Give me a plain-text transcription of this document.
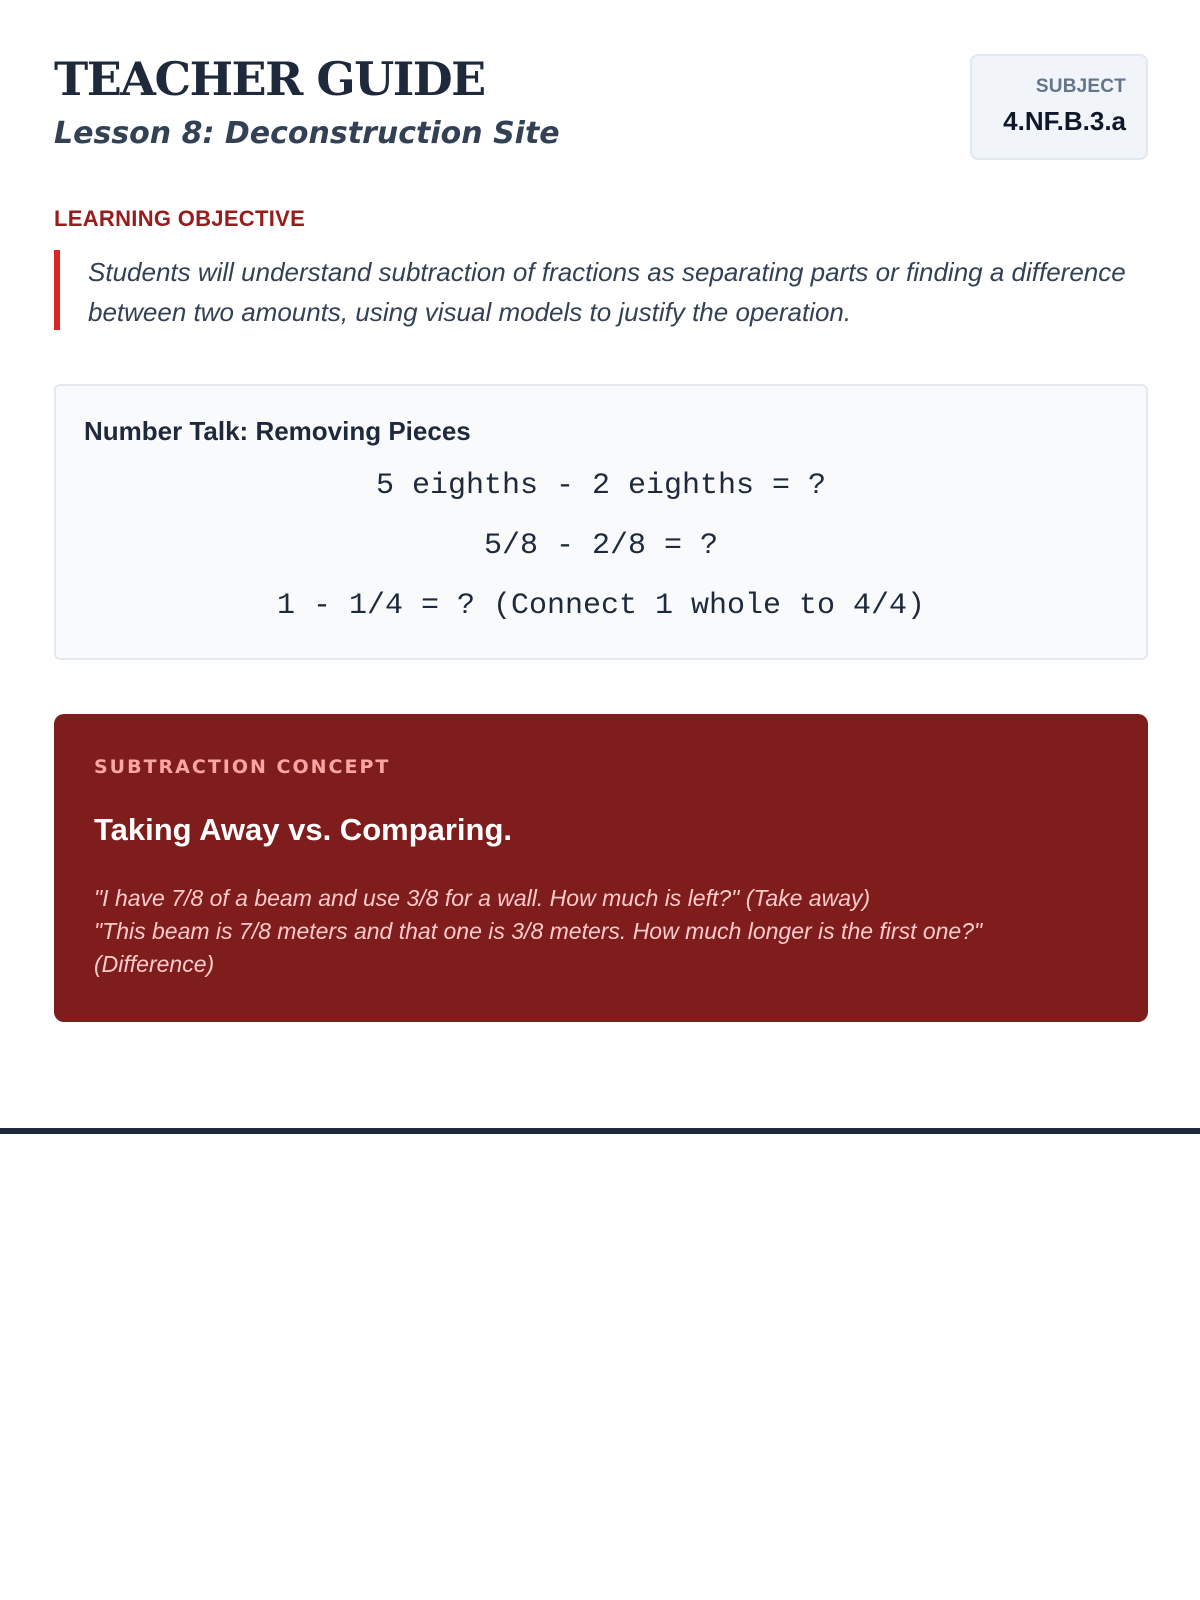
TEACHER GUIDE
Lesson 8: Deconstruction Site
SUBJECT
4.NF.B.3.a
LEARNING OBJECTIVE

Students will understand subtraction of fractions as separating parts or finding a difference between two amounts, using visual models to justify the operation.

Number Talk: Removing Pieces
5 eighths - 2 eighths = ?
5/8 - 2/8 = ?
1 - 1/4 = ? (Connect 1 whole to 4/4)
SUBTRACTION CONCEPT
Taking Away vs. Comparing.

"I have 7/8 of a beam and use 3/8 for a wall. How much is left?" (Take away)
"This beam is 7/8 meters and that one is 3/8 meters. How much longer is the first one?" (Difference)
